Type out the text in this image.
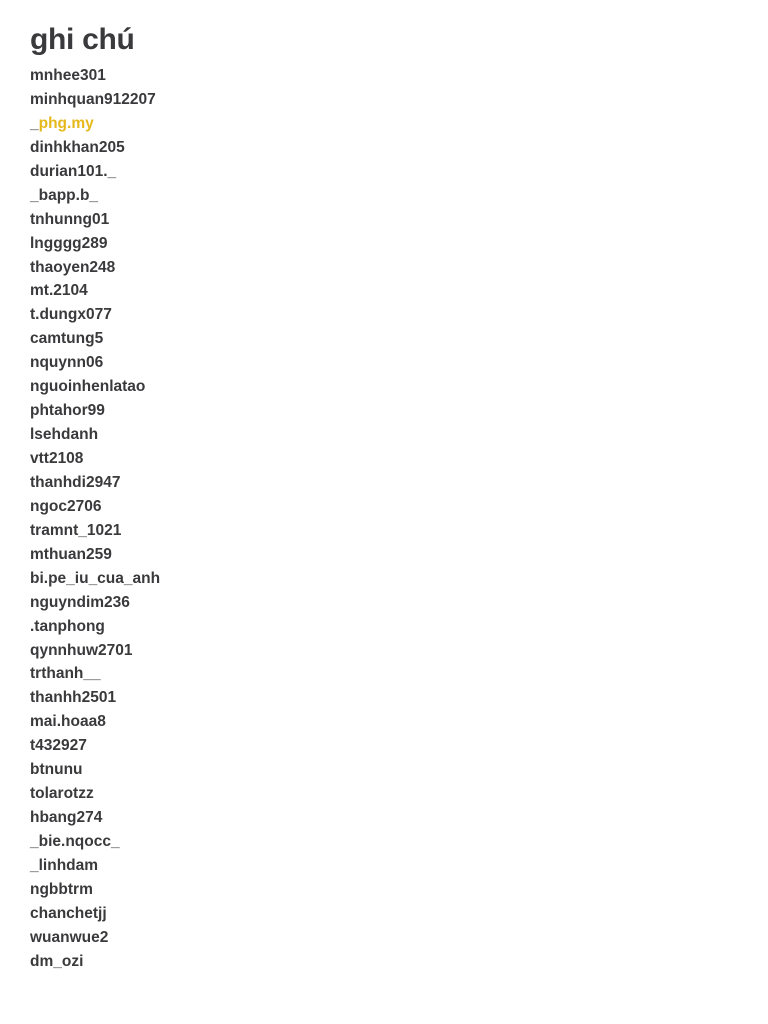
ghi chú
mnhee301
minhquan912207
_phg.my
dinhkhan205
durian101._
_bapp.b_
tnhunng01
lngggg289
thaoyen248
mt.2104
t.dungx077
camtung5
nquynn06
nguoinhenlatao
phtahor99
lsehdanh
vtt2108
thanhdi2947
ngoc2706
tramnt_1021
mthuan259
bi.pe_iu_cua_anh
nguyndim236
.tanphong
qynnhuw2701
trthanh__
thanhh2501
mai.hoaa8
t432927
btnunu
tolarotzz
hbang274
_bie.nqocc_
_linhdam
ngbbtrm
chanchetjj
wuanwue2
dm_ozi
